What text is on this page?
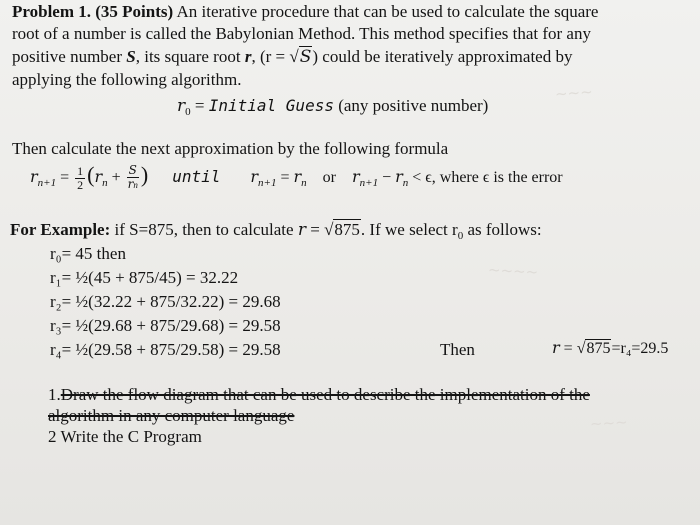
~~~
~~~~
~~~
Problem 1. (35 Points) An iterative procedure that can be used to calculate the square
root of a number is called the Babylonian Method. This method specifies that for any
positive number S, its square root r, (r = √S) could be iteratively approximated by
applying the following algorithm.
$r_0$ = Initial Guess (any positive number)
Then calculate the next approximation by the following formula
$r_{n+1} = \frac{1}{2} (r_n + \frac{S}{rn}$ ) until $r_{n+1} = r_n$ or $r_{n+1} - r_n < \epsilon$, where ϵ is the error
For Example: if S=875, then to calculate r = √875. If we select $r_0$ as follows:
r₀= 45 then
r₁= ½(45 + 875/45) = 32.22
r₂= ½(32.22 + 875/32.22) = 29.68
r₃= ½(29.68 + 875/29.68) = 29.58
r₄= ½(29.58 + 875/29.58) = 29.58	Then	r = √875=r₄=29.5
1.Draw the flow diagram that can be used to describe the implementation of the
algorithm in any computer language
2 Write the C Program
